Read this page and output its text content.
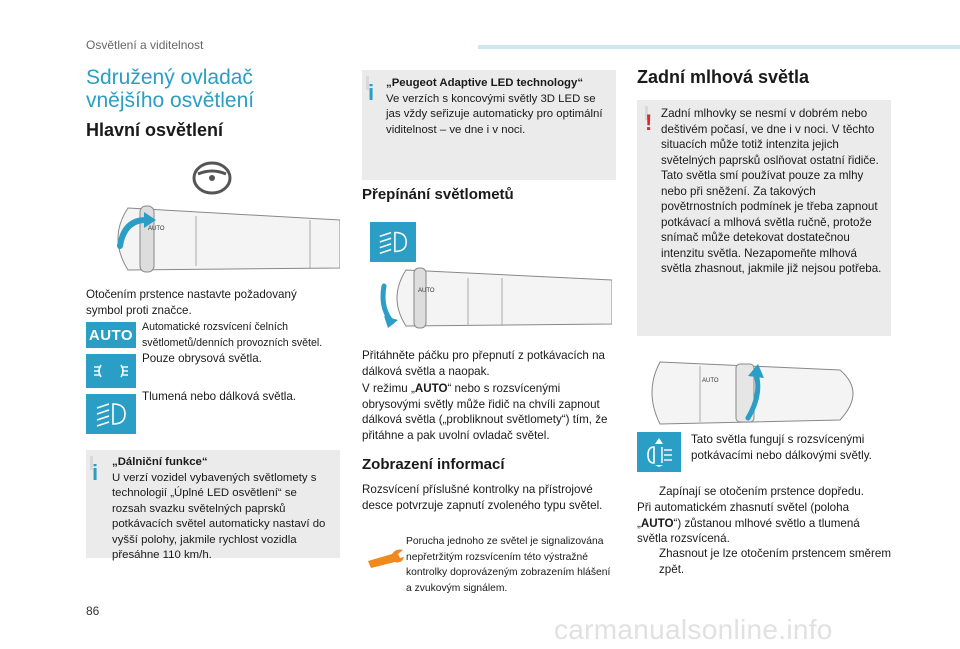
Osvětlení a viditelnost
Sdružený ovladač vnějšího osvětlení
Hlavní osvětlení
AUTO
Otočením prstence nastavte požadovaný symbol proti značce.
AUTO Automatické rozsvícení čelních světlometů/denních provozních světel.
Pouze obrysová světla.
Tlumená nebo dálková světla.
i „Dálniční funkce“
U verzí vozidel vybavených světlomety s technologií „Úplné LED osvětlení“ se rozsah svazku světelných paprsků potkávacích světel automaticky nastaví do vyšší polohy, jakmile rychlost vozidla přesáhne 110 km/h.
i „Peugeot Adaptive LED technology“
Ve verzích s koncovými světly 3D LED se jas vždy seřizuje automaticky pro optimální viditelnost – ve dne i v noci.
Přepínání světlometů
AUTO
Přitáhněte páčku pro přepnutí z potkávacích na dálková světla a naopak.
V režimu „AUTO“ nebo s rozsvícenými obrysovými světly může řidič na chvíli zapnout dálková světla („probliknout světlomety“) tím, že přitáhne a pak uvolní ovladač světel.
Zobrazení informací
Rozsvícení příslušné kontrolky na přístrojové desce potvrzuje zapnutí zvoleného typu světel.
Porucha jednoho ze světel je signalizována nepřetržitým rozsvícením této výstražné kontrolky doprovázeným zobrazením hlášení a zvukovým signálem.
Zadní mlhová světla
! Zadní mlhovky se nesmí v dobrém nebo deštivém počasí, ve dne i v noci. V těchto situacích může totiž intenzita jejich světelných paprsků oslňovat ostatní řidiče. Tato světla smí používat pouze za mlhy nebo při sněžení. Za takových povětrnostních podmínek je třeba zapnout potkávací a mlhová světla ručně, protože snímač může detekovat dostatečnou intenzitu světla. Nezapomeňte mlhová světla zhasnout, jakmile již nejsou potřeba.
AUTO
Tato světla fungují s rozsvícenými potkávacími nebo dálkovými světly.
Zapínají se otočením prstence dopředu.
Při automatickém zhasnutí světel (poloha „AUTO“) zůstanou mlhové světlo a tlumená světla rozsvícená.
Zhasnout je lze otočením prstencem směrem zpět.
86
carmanualsonline.info
